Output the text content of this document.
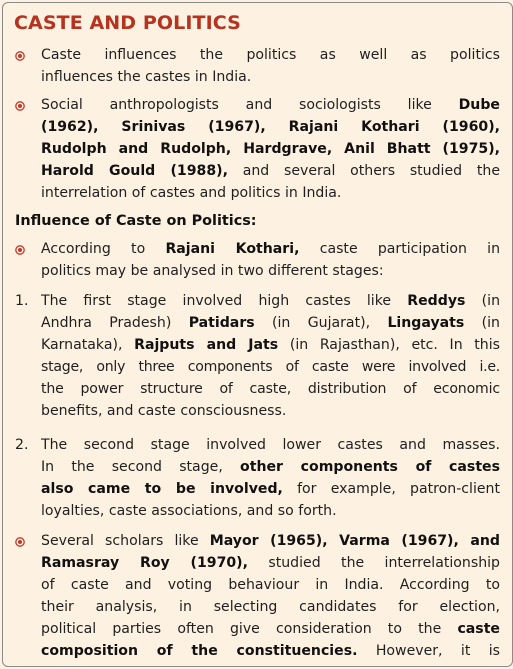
CASTE AND POLITICS
Caste influences the politics as well as politics
influences the castes in India.
Social anthropologists and sociologists like Dube
(1962), Srinivas (1967), Rajani Kothari (1960),
Rudolph and Rudolph, Hardgrave, Anil Bhatt (1975),
Harold Gould (1988), and several others studied the
interrelation of castes and politics in India.
Influence of Caste on Politics:
According to Rajani Kothari, caste participation in
politics may be analysed in two different stages:
1. The first stage involved high castes like Reddys (in
Andhra Pradesh) Patidars (in Gujarat), Lingayats (in
Karnataka), Rajputs and Jats (in Rajasthan), etc. In this
stage, only three components of caste were involved i.e.
the power structure of caste, distribution of economic
benefits, and caste consciousness.
2. The second stage involved lower castes and masses.
In the second stage, other components of castes
also came to be involved, for example, patron-client
loyalties, caste associations, and so forth.
Several scholars like Mayor (1965), Varma (1967), and
Ramasray Roy (1970), studied the interrelationship
of caste and voting behaviour in India. According to
their analysis, in selecting candidates for election,
political parties often give consideration to the caste
composition of the constituencies. However, it is
